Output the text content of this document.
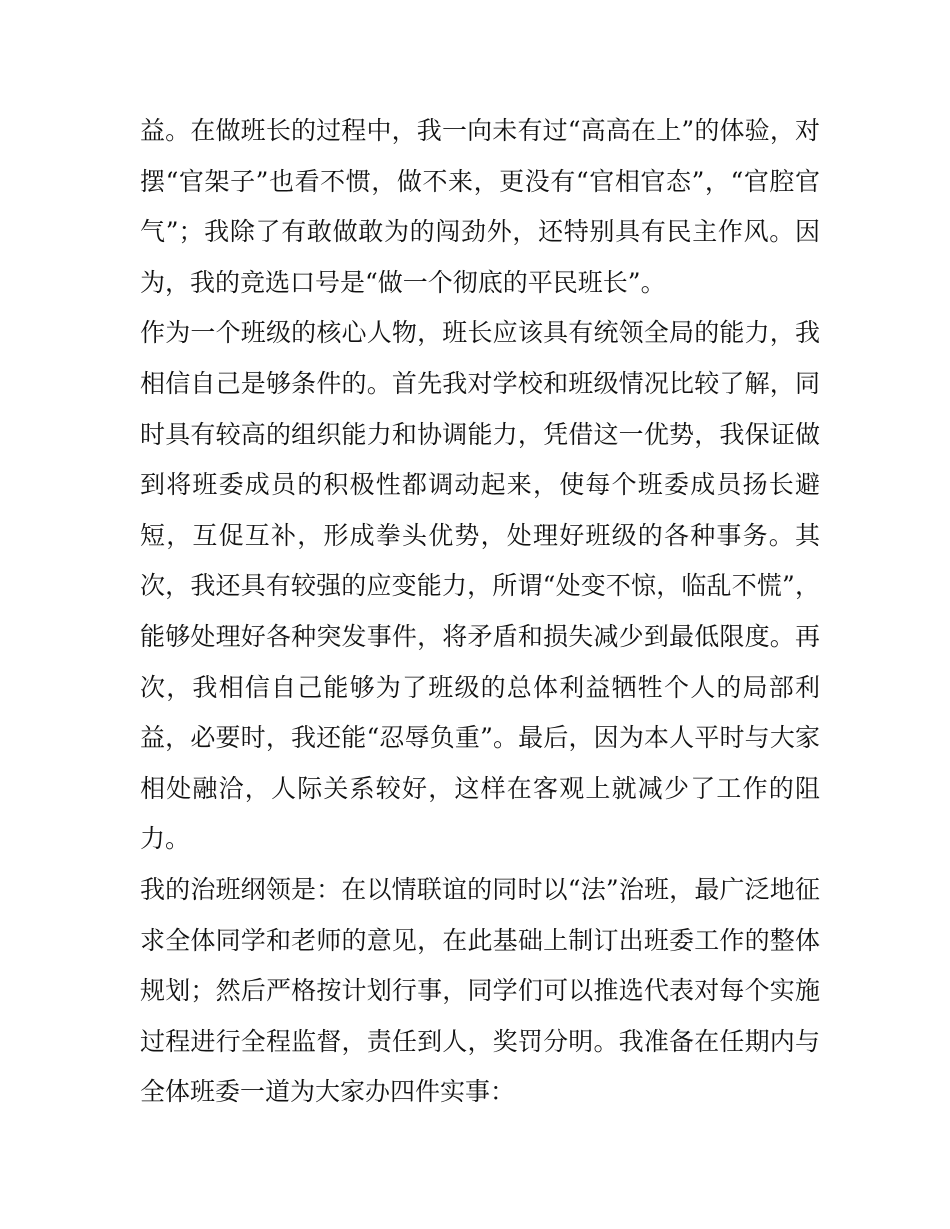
益。在做班长的过程中，我一向未有过“高高在上”的体验，对
摆“官架子”也看不惯，做不来，更没有“官相官态”，“官腔官
气”；我除了有敢做敢为的闯劲外，还特别具有民主作风。因
为，我的竞选口号是“做一个彻底的平民班长”。
作为一个班级的核心人物，班长应该具有统领全局的能力，我
相信自己是够条件的。首先我对学校和班级情况比较了解，同
时具有较高的组织能力和协调能力，凭借这一优势，我保证做
到将班委成员的积极性都调动起来，使每个班委成员扬长避
短，互促互补，形成拳头优势，处理好班级的各种事务。其
次，我还具有较强的应变能力，所谓“处变不惊，临乱不慌”，
能够处理好各种突发事件，将矛盾和损失减少到最低限度。再
次，我相信自己能够为了班级的总体利益牺牲个人的局部利
益，必要时，我还能“忍辱负重”。最后，因为本人平时与大家
相处融洽，人际关系较好，这样在客观上就减少了工作的阻
力。
我的治班纲领是：在以情联谊的同时以“法”治班，最广泛地征
求全体同学和老师的意见，在此基础上制订出班委工作的整体
规划；然后严格按计划行事，同学们可以推选代表对每个实施
过程进行全程监督，责任到人，奖罚分明。我准备在任期内与
全体班委一道为大家办四件实事：
